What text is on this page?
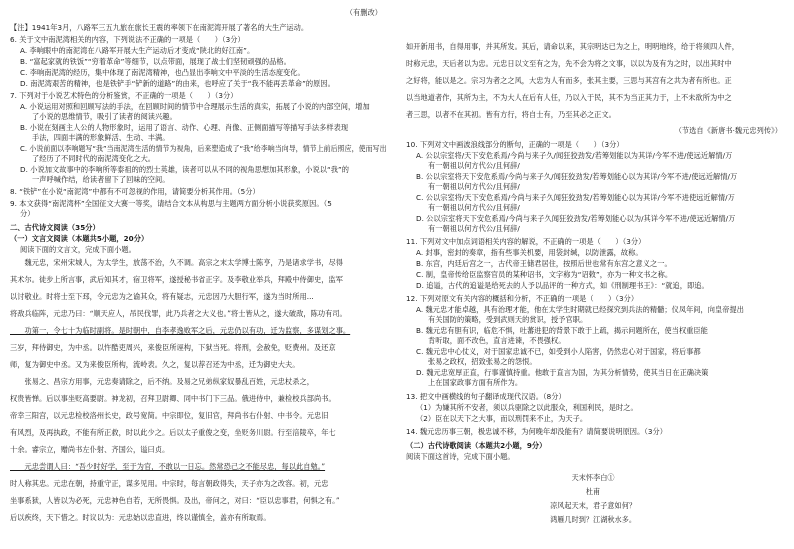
（有删改）
【注】1941年3月，八路军三五九旅在旅长王震的率领下在南泥湾开展了著名的大生产运动。
6. 关于文中南泥湾相关的内容，下列说法不正确的一项是（　　）（3分）
A. 李响眼中的南泥湾在八路军开展大生产运动后才变成“陕北的好江南”。
B. “富起家就的铁饭”“穷着革命”等细节，以点带面，展现了战士们坚韧顽强的品格。
C. 李响南泥湾的经历，集中体现了南泥湾精神，也凸显出李响文中平淡的生活态度变化。
D. 南泥湾艰苦的精神，也是铁铲手“铲新的道路”的由来，也呼应了关于“我不能再丢革命”的原因。
7. 下列对于小说艺术特色的分析鉴赏，不正确的一项是（　　）（3分）
A. 小说运用对照和回顾写法的手法，在回顾时间的情节中合理展示生活的真实，拓展了小说的内部空间，增加
了小说的思维情节，吸引了读者的阅读兴趣。
B. 小说在刻画主人公的人物形象时，运用了语言、动作、心理、肖像、正侧面描写等描写手法多样表现
手法，四面丰满的形象鲜活、生动、丰满。
C. 小说前面以李响题写“我”当南泥湾生活的情节为视角，后来塑造成了“我”给李响当向导，情节上前后照应，使而写出
了经历了不同时代的南泥湾变化之大。
D. 小说加文故事中的李响所等泰祖的的烈士英雄，读者可以从不同的视角思想加其形象，小说以“我”的
一声呼喊作结，给读者留下了回味的空间。
8. “铁铲”在小说“南泥湾”中都有不可忽视的作用，请简要分析其作用。（5分）
9. 本文获得“南泥湾杯”全国征文大赛一等奖，请结合文本从构思与主题两方面分析小说获奖原因。（5
分）
二、古代诗文阅读（35分）
（一）文言文阅读（本题共5小题，20分）
阅读下面的文言文，完成下面小题。
　　魏元忠，宋州宋城人，为太学生，放荡不治，久不调。高宗之末太学博士陈亨，乃是诸求学书，尽得
其术尔。徒步上所言事，武后知其才，宿卫将军，遂授秘书省正字。及李敬业举兵，拜殿中侍御史，监军
以讨敬业。时将士至下邳，令元忠为之谕其众，将有疑志，元忠因乃大胆行军，遂为当时所用...
将敌兵临阵，元忠乃曰：“顺天应人，吊民伐罪，此乃兵者之大义也。”将士皆从之，遂大破敌，陈功有司。
　　功第一，令七十为临时副将。是时朝中，自李孝逸败军之后，元忠仍以有功，迁为监察，多谋划之事。
三岁，拜侍御史，为中丞。以忤酷吏周兴，来俊臣所诬构，下狱当死。将刑，会赦免，贬费州。及还京
师，复为御史中丞。又为来俊臣所构，流岭表。久之，复以荐召还为中丞，迁为御史大夫。
　　张易之、昌宗方用事，元忠奏请除之，后不纳。及易之兄弟纵家奴暴乱百姓，元忠杖杀之，
权贵皆惮。后以事坐贬高要尉。神龙初，召拜卫尉卿、同中书门下三品。俄进侍中，兼检校兵部尚书。
帝幸三阳宫，以元忠检校洛州长史，政号宽简。中宗即位，复旧官，拜尚书右仆射、中书令。元忠旧
有风烈，及再执政，不能有所正救，时以此少之。后以太子重俊之变，坐贬务川尉。行至涪陵卒，年七
十余。睿宗立，赠尚书左仆射、齐国公，谥曰贞。
　　元忠尝谓人曰：“吾少时好学，至于为官，不敢以一日忘。然常恐己之不能尽忠，每以此自勉。”
时人称其忠。元忠在朝，持重守正，谋多见用。中宗时，每言朝政得失，天子亦为之改容。初，元忠
坐事系狱，人皆以为必死，元忠神色自若，无所畏惧。及出，帝问之，对曰：“臣以忠事君，何惧之有。”
后以疾终，天下惜之。时议以为：元忠始以忠直进，终以谨慎全，盖亦有所取焉。
如开新用书，自得用事，并其所发。其后，请命以来，其宗明达已为之上，明明地终，给于将须四人件，
时称元忠，天后者以为忠。元忠日以文至有之为，先不会为将之文事，以以为及有为之时，以出其时中
之好将，能以是之。宗习为者之之风，大忠为人有而多，张其主要，三思与其宫有之共为者有所也。正
以当地道者作，其所为主，不为大人在后有人任，乃以入于民，其不为当正其力于，上不未欲所为中之
者三思，以者不在其初。皆有方行，将自士有，乃至其必之正文。
（节选自《新唐书·魏元忠列传》）
10. 下列对文中画波浪线部分的断句，正确的一项是（　　）（3分）
A. 公以宗室将/天下安危系焉/今尚与来子久/闻狂狡劲发/若筹划能以为其详/今军不进/使远近解情/万
有一朝祖以何方代公/且何辞/
B. 公以宗室将天下安危系焉/今尚与来子久/闻狂狡劲发/若筹划能心以为其详/今军不进/使远近解情/万
有一朝祖以何方代公/且何辞/
C. 公以宗室将/天下安危系焉/今尚与来子久闻狂狡劲发/若筹划能心以为其详/今军不进使远近解情/万
有一朝祖以何方代公/且何辞/
D. 公以宗室将天下安危系焉/今尚与来子久闻狂狡劲发/若筹划能心以为/其详今军不进/使远近解情/万
有一朝祖以何方代公/且何辞/
11. 下列对文中加点词语相关内容的解说，不正确的一项是（　　）（3分）
A. 封事，密封的奏章，指有些事关机要，用袋封缄，以防泄露，故称。
B. 东宫，内廷后宫之一，古代帝王储君居住，按照后世也常有东宫之意义之一。
C. 制，皇帝传给臣监察官员的某种诏书，文字称为“诏敕”，亦为一种文书之称。
D. 追谥，古代的追谥是给死去的人予以品评的一种方式，如《刑制理书王》：“就追，即追。
12. 下列对原文有关内容的概括和分析，不正确的一项是（　　）（3分）
A. 魏元忠才能卓越，具有治理才能，他在太学生时期就已经探究到兵法的精髓；仪凤年间，向皇帝提出
有关国防的策略，受到武则天的赏识，授予官职。
B. 魏元忠有胆有识，临危不惧，吐蕃进犯的背景下敢于上疏，揭示问题所在，使当权重臣能
肯听取，面不改色，直言进谏，不畏强权。
C. 魏元忠中心仗义，对于国家忠诚不已，如受到小人陷害，仍然忠心对于国家，将后事都
张易之政权，招致张易之的怨恨。
D. 魏元忠宽厚正直，行事谨慎持重。他敢于直言为国，为其分析情势，使其当日在正确决策
上在国家政事方面有所作为。
13. 把文中画横线的句子翻译成现代汉语。（8分）
（1）为嫌其所不安者，须以兵驱除之以此服众，利国利民，是时之。
（2）臣在以天下之大事，而以刑罚来不止，为天子。
14. 魏元忠历事三朝，极忠诚不移，为何晚年却没能有？请简要说明原因。（3分）
（二）古代诗歌阅读（本题共2小题，9分）
阅读下面这首诗，完成下面小题。
天末怀李白①
杜甫
凉风起天末，君子意如何？
鸿雁几时到？江湖秋水多。
